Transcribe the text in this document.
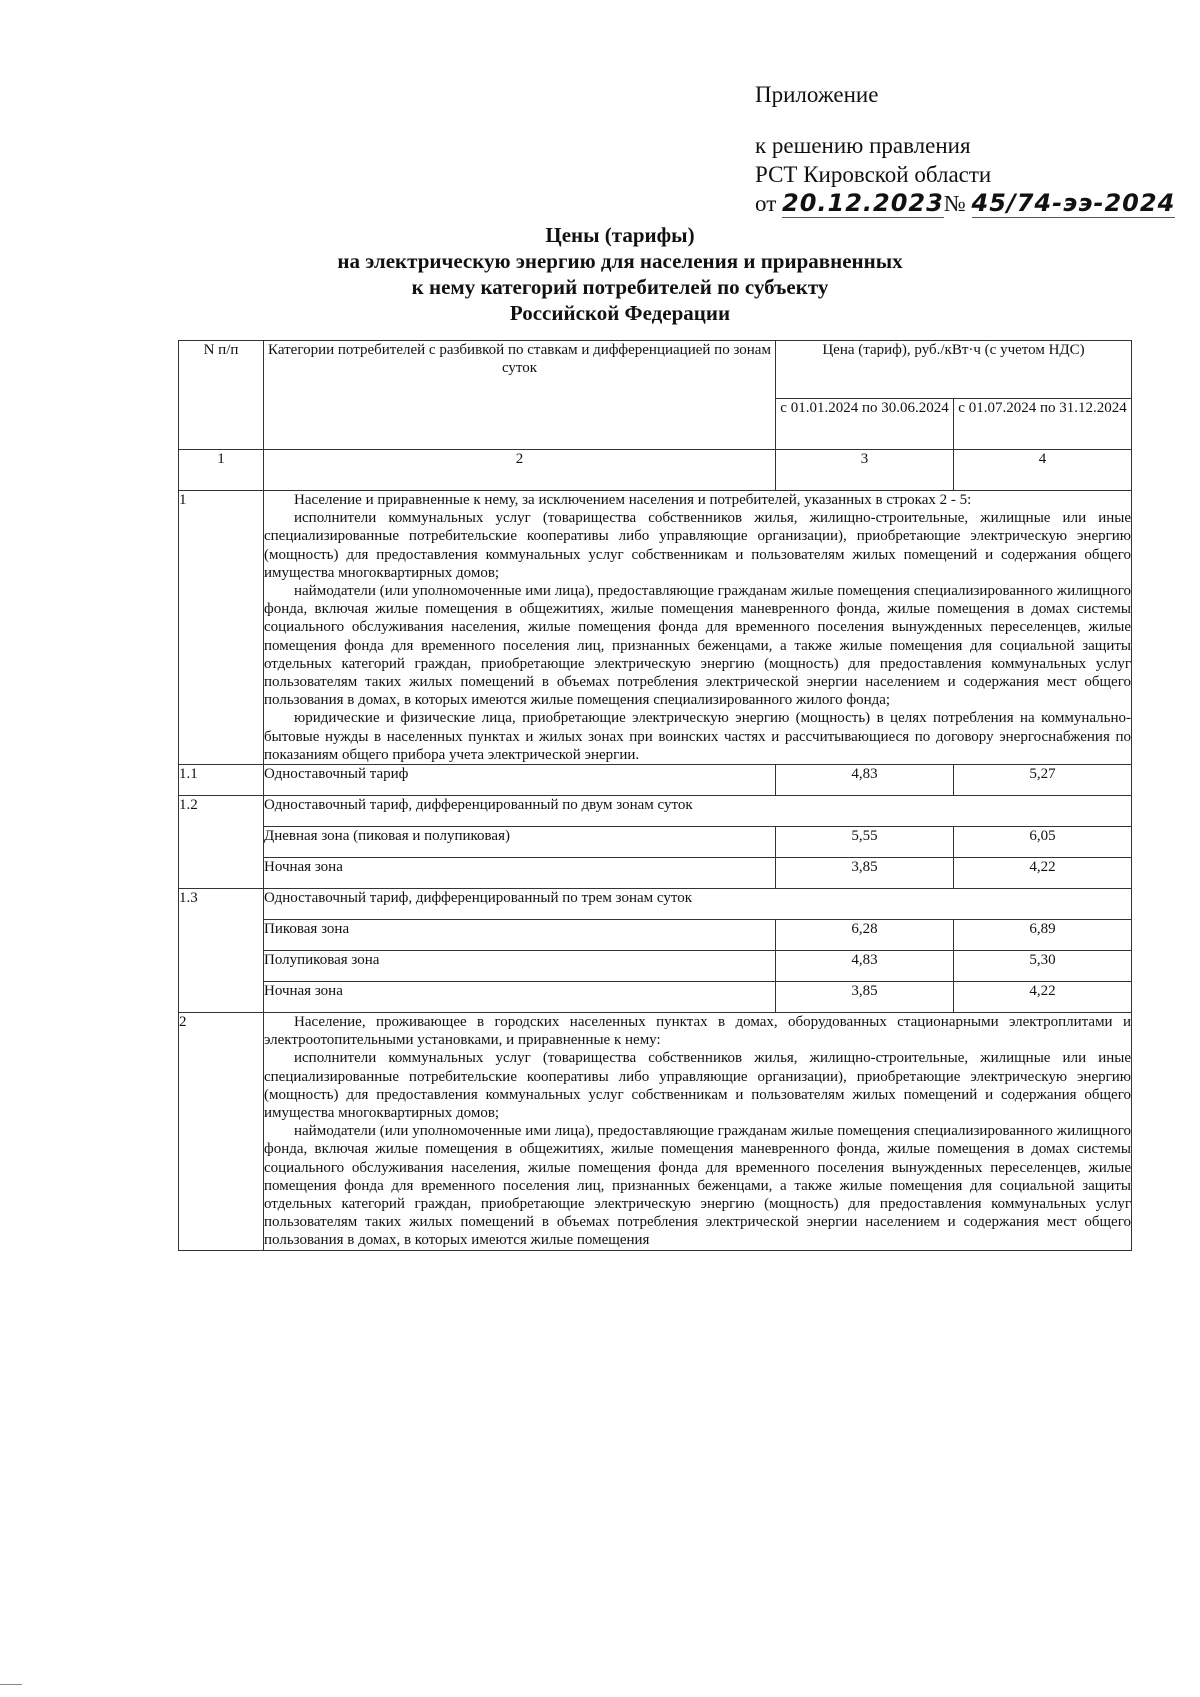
Приложение
к решению правления
РСТ Кировской области
от 20.12.2023№ 45/74-ээ-2024
Цены (тарифы)
на электрическую энергию для населения и приравненных
к нему категорий потребителей по субъекту
Российской Федерации
N п/п	Категории потребителей с разбивкой по ставкам и дифференциацией по зонам суток	Цена (тариф), руб./кВт·ч (с учетом НДС)	
		с 01.01.2024 по 30.06.2024	с 01.07.2024 по 31.12.2024
1	2	3	4
1	Население и приравненные к нему, за исключением населения и потребителей, указанных в строках 2 - 5:

исполнители коммунальных услуг (товарищества собственников жилья, жилищно-строительные, жилищные или иные специализированные потребительские кооперативы либо управляющие организации), приобретающие электрическую энергию (мощность) для предоставления коммунальных услуг собственникам и пользователям жилых помещений и содержания общего имущества многоквартирных домов;

наймодатели (или уполномоченные ими лица), предоставляющие гражданам жилые помещения специализированного жилищного фонда, включая жилые помещения в общежитиях, жилые помещения маневренного фонда, жилые помещения в домах системы социального обслуживания населения, жилые помещения фонда для временного поселения вынужденных переселенцев, жилые помещения фонда для временного поселения лиц, признанных беженцами, а также жилые помещения для социальной защиты отдельных категорий граждан, приобретающие электрическую энергию (мощность) для предоставления коммунальных услуг пользователям таких жилых помещений в объемах потребления электрической энергии населением и содержания мест общего пользования в домах, в которых имеются жилые помещения специализированного жилого фонда;

юридические и физические лица, приобретающие электрическую энергию (мощность) в целях потребления на коммунально-бытовые нужды в населенных пунктах и жилых зонах при воинских частях и рассчитывающиеся по договору энергоснабжения по показаниям общего прибора учета электрической энергии.		

1.1	Одноставочный тариф	4,83	5,27
1.2	Одноставочный тариф, дифференцированный по двум зонам суток		
	Дневная зона (пиковая и полупиковая)	5,55	6,05
	Ночная зона	3,85	4,22
1.3	Одноставочный тариф, дифференцированный по трем зонам суток		
	Пиковая зона	6,28	6,89
	Полупиковая зона	4,83	5,30
	Ночная зона	3,85	4,22
2	Население, проживающее в городских населенных пунктах в домах, оборудованных стационарными электроплитами и электроотопительными установками, и приравненные к нему:

исполнители коммунальных услуг (товарищества собственников жилья, жилищно-строительные, жилищные или иные специализированные потребительские кооперативы либо управляющие организации), приобретающие электрическую энергию (мощность) для предоставления коммунальных услуг собственникам и пользователям жилых помещений и содержания общего имущества многоквартирных домов;

наймодатели (или уполномоченные ими лица), предоставляющие гражданам жилые помещения специализированного жилищного фонда, включая жилые помещения в общежитиях, жилые помещения маневренного фонда, жилые помещения в домах системы социального обслуживания населения, жилые помещения фонда для временного поселения вынужденных переселенцев, жилые помещения фонда для временного поселения лиц, признанных беженцами, а также жилые помещения для социальной защиты отдельных категорий граждан, приобретающие электрическую энергию (мощность) для предоставления коммунальных услуг пользователям таких жилых помещений в объемах потребления электрической энергии населением и содержания мест общего пользования в домах, в которых имеются жилые помещения		
